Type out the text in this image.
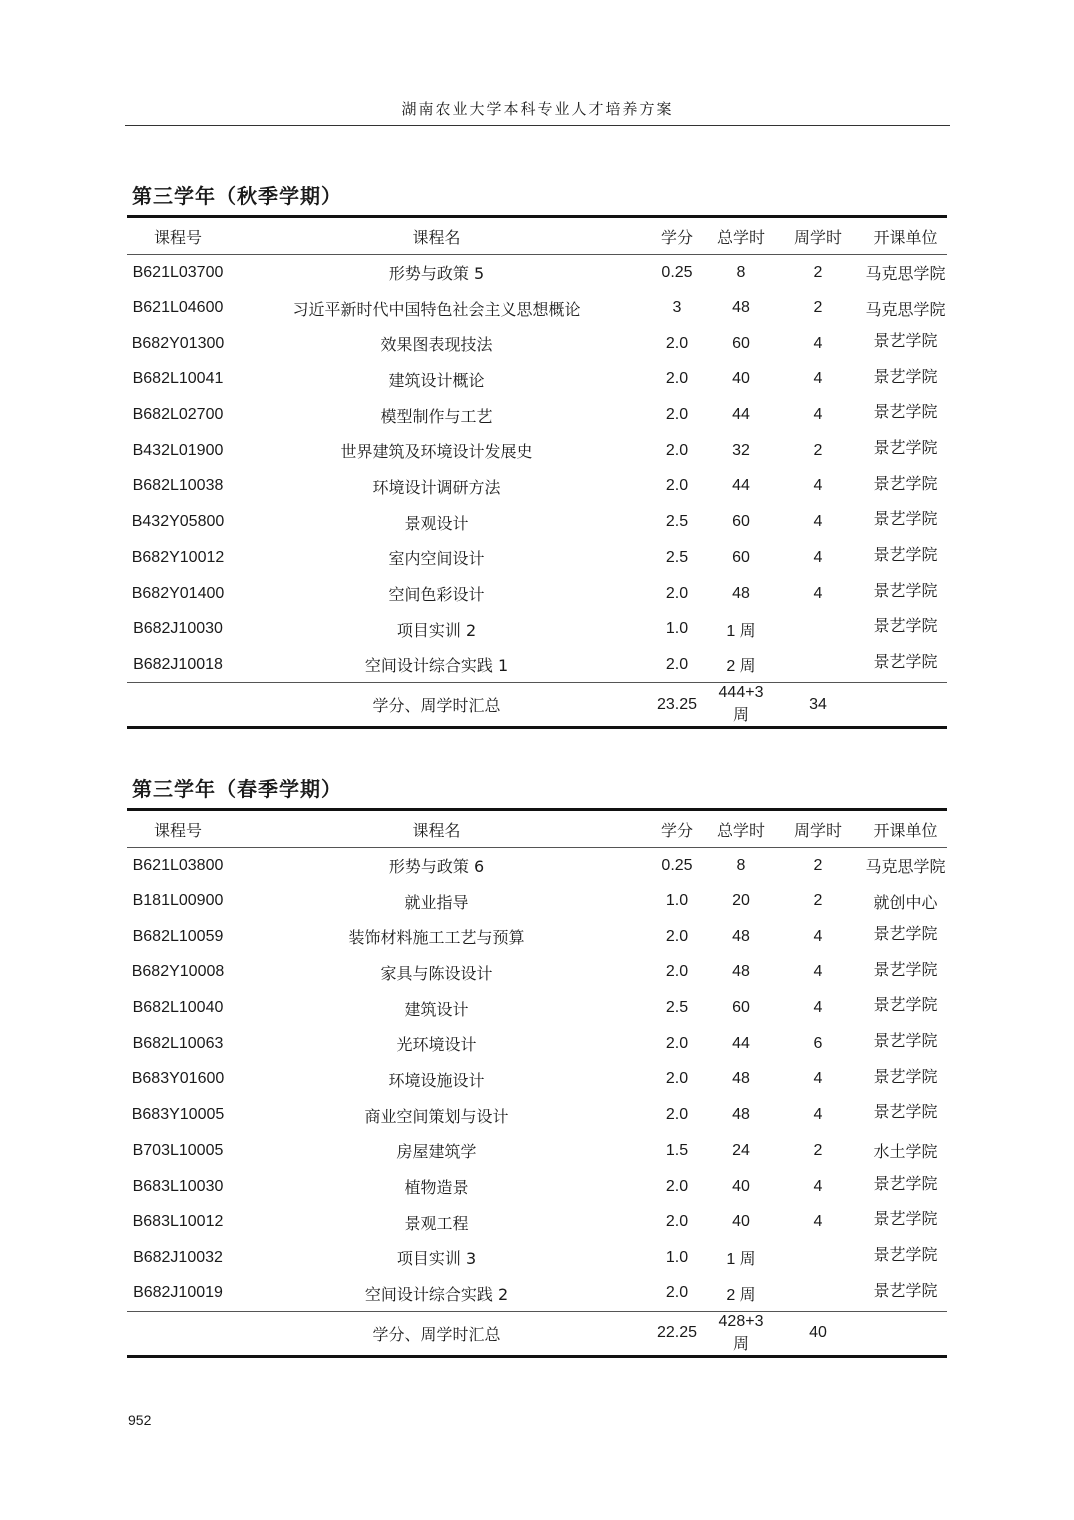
湖南农业大学本科专业人才培养方案
第三学年（秋季学期）
课程号	课程名	学分	总学时	周学时	开课单位
B621L03700	形势与政策 5	0.25	8	2	马克思学院
B621L04600	习近平新时代中国特色社会主义思想概论	3	48	2	马克思学院
B682Y01300	效果图表现技法	2.0	60	4	景艺学院
B682L10041	建筑设计概论	2.0	40	4	景艺学院
B682L02700	模型制作与工艺	2.0	44	4	景艺学院
B432L01900	世界建筑及环境设计发展史	2.0	32	2	景艺学院
B682L10038	环境设计调研方法	2.0	44	4	景艺学院
B432Y05800	景观设计	2.5	60	4	景艺学院
B682Y10012	室内空间设计	2.5	60	4	景艺学院
B682Y01400	空间色彩设计	2.0	48	4	景艺学院
B682J10030	项目实训 2	1.0	1 周		景艺学院
B682J10018	空间设计综合实践 1	2.0	2 周		景艺学院
	学分、周学时汇总	23.25	444+3 周	34	
第三学年（春季学期）
课程号	课程名	学分	总学时	周学时	开课单位
B621L03800	形势与政策 6	0.25	8	2	马克思学院
B181L00900	就业指导	1.0	20	2	就创中心
B682L10059	装饰材料施工工艺与预算	2.0	48	4	景艺学院
B682Y10008	家具与陈设设计	2.0	48	4	景艺学院
B682L10040	建筑设计	2.5	60	4	景艺学院
B682L10063	光环境设计	2.0	44	6	景艺学院
B683Y01600	环境设施设计	2.0	48	4	景艺学院
B683Y10005	商业空间策划与设计	2.0	48	4	景艺学院
B703L10005	房屋建筑学	1.5	24	2	水土学院
B683L10030	植物造景	2.0	40	4	景艺学院
B683L10012	景观工程	2.0	40	4	景艺学院
B682J10032	项目实训 3	1.0	1 周		景艺学院
B682J10019	空间设计综合实践 2	2.0	2 周		景艺学院
	学分、周学时汇总	22.25	428+3 周	40	
952
